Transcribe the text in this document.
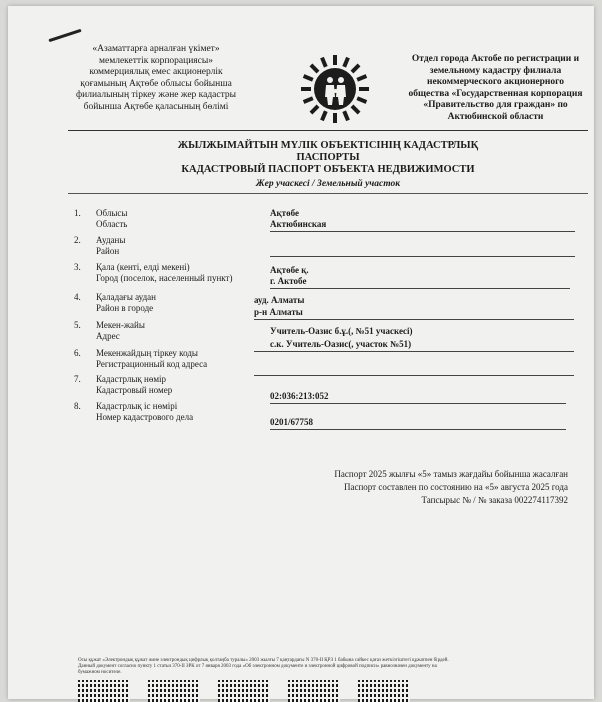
«Азаматтарға арналған үкімет»
мемлекеттік корпорациясы»
коммерциялық емес акционерлік
қоғамының Ақтөбе облысы бойынша
филиалының тіркеу және жер кадастры
бойынша Ақтөбе қаласының бөлімі
Отдел города Актобе по регистрации и
земельному кадастру филиала
некоммерческого акционерного
общества «Государственная корпорация
«Правительство для граждан» по
Актюбинской области
ЖЫЛЖЫМАЙТЫН МҮЛІК ОБЪЕКТІСІНІҢ КАДАСТРЛЫҚ
ПАСПОРТЫ
КАДАСТРОВЫЙ ПАСПОРТ ОБЪЕКТА НЕДВИЖИМОСТИ
Жер учаскесі / Земельный участок
1. Облысы
Область
Ақтөбе
Актюбинская
2. Ауданы
Район
3. Қала (кенті, елді мекені)
Город (поселок, населенный пункт)
Ақтөбе қ.
г. Актобе
4. Қаладағы аудан
Район в городе
ауд. Алматы
р-н Алматы
5. Мекен-жайы
Адрес	Учитель-Оазис б.ұ.(, №51 учаскесі)
с.к. Учитель-Оазис(, участок №51)
6. Мекенжайдың тіркеу коды
Регистрационный код адреса
7. Кадастрлық нөмір
Кадастровый номер
02:036:213:052
8. Кадастрлық іс нөмірі
Номер кадастрового дела	0201/67758
Паспорт 2025 жылғы «5» тамыз жағдайы бойынша жасалған
Паспорт составлен по состоянию на «5» августа 2025 года
Тапсырыс № / № заказа 002274117392
Осы құжат «Электрондық құжат және электрондық цифрлық қолтаңба туралы» 2003 жылғы 7 қаңтардағы N 370-II ҚРЗ 1 бабына сәйкес қағаз жеткізгіштегі құжатпен бірдей.
Данный документ согласно пункту 1 статьи 370-II ЗРК от 7 января 2003 года «Об электронном документе и электронной цифровой подписи» равнозначен документу на
бумажном носителе.
